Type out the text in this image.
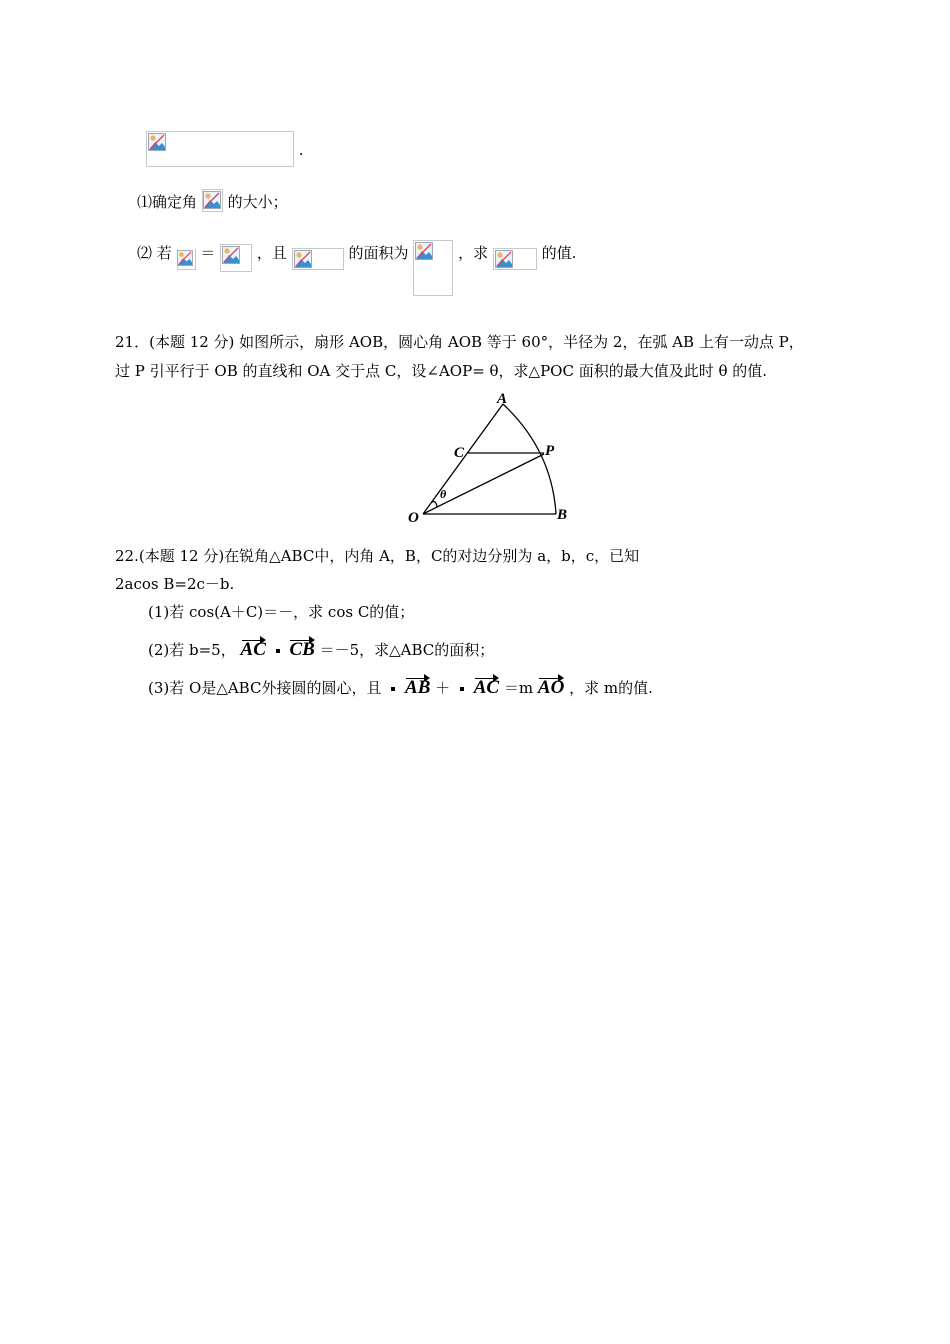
.
⑴确定角 的大小；
⑵ 若 ＝	，且	的面积为	，求	的值.
21．(本题 12 分) 如图所示，扇形 AOB，圆心角 AOB 等于 60°，半径为 2，在弧 AB 上有一动点 P，
过 P 引平行于 OB 的直线和 OA 交于点 C，设∠AOP= θ，求△POC 面积的最大值及此时 θ 的值.
A
C	P
O	B
θ
22.(本题 12 分)在锐角△ABC中，内角 A，B，C的对边分别为 a，b，c，已知
2acos B=2c－b.
(1)若 cos(A＋C)＝－，求 cos C的值；
(2)若 b=5， AC CB ＝－5，求△ABC的面积；
(3)若 O是△ABC外接圆的圆心，且 AB ＋ AC ＝m AO ，求 m的值.
